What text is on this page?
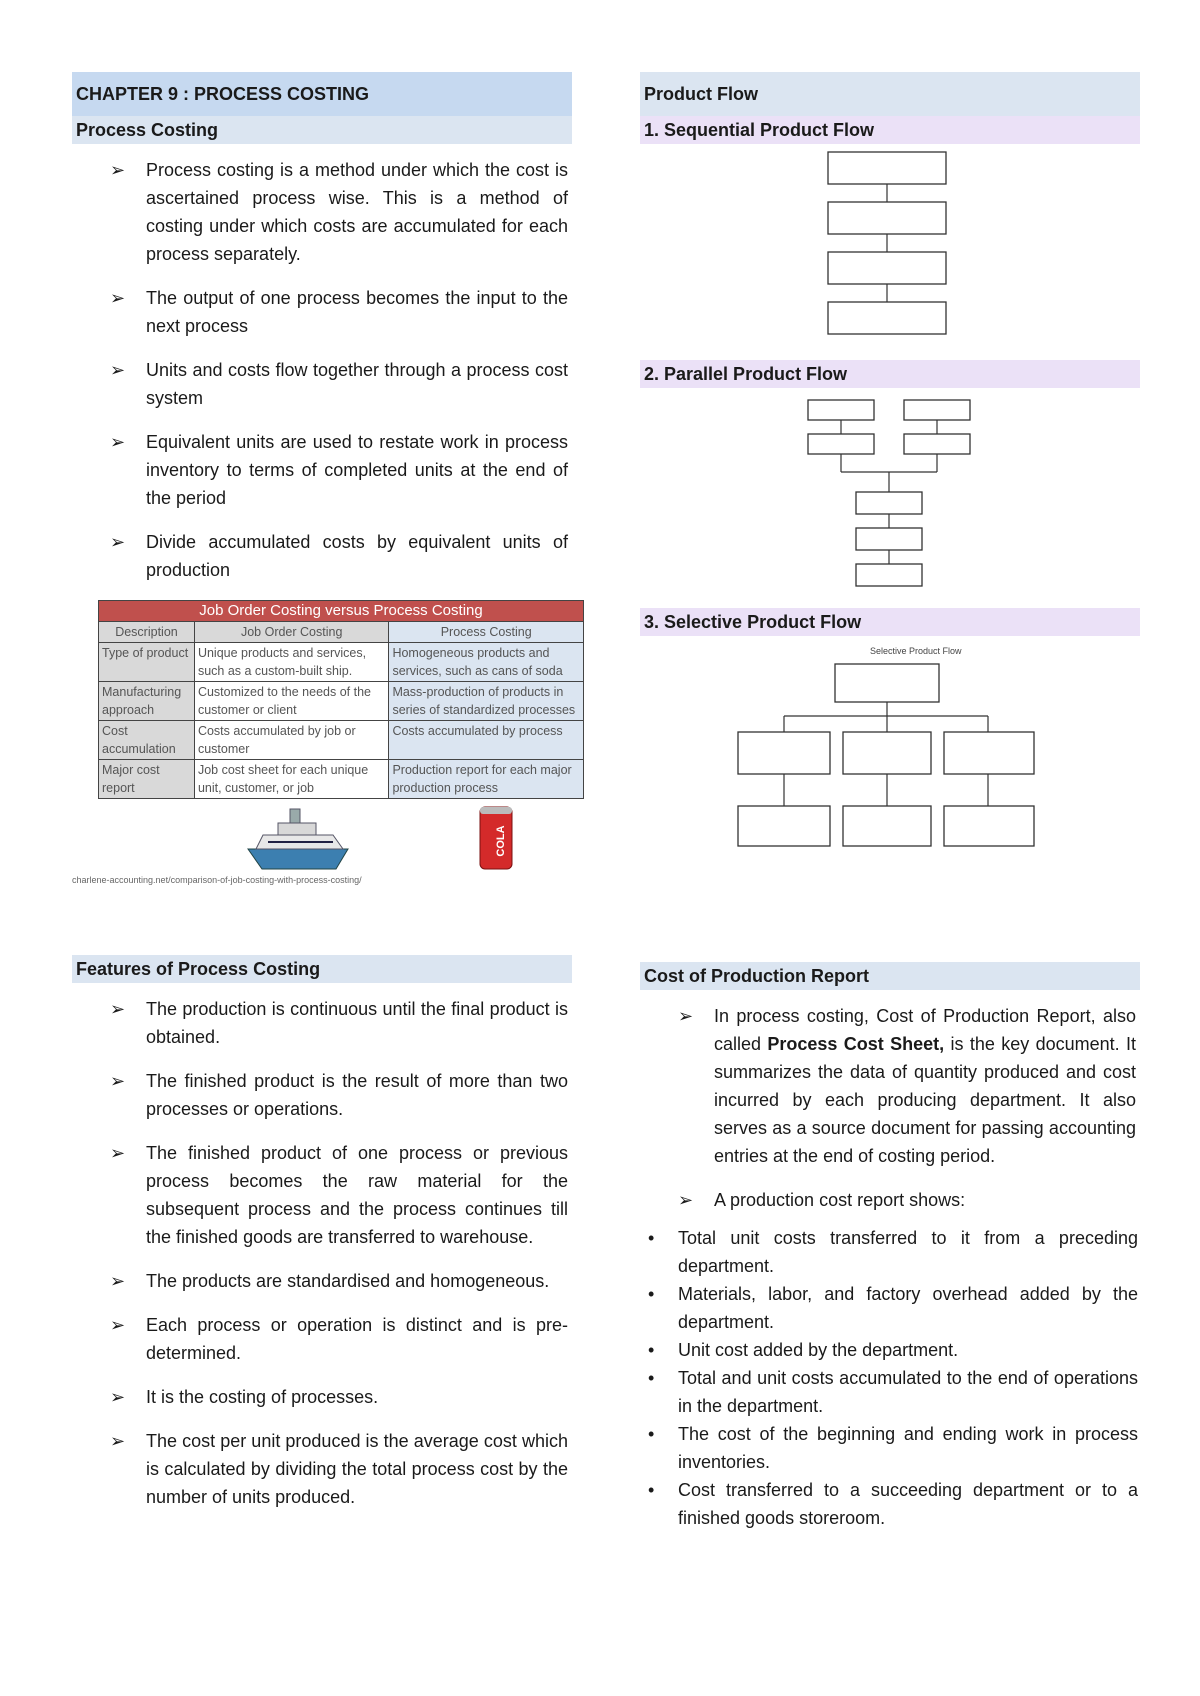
CHAPTER 9 : PROCESS COSTING
Process Costing
➢ Process costing is a method under which the cost is ascertained process wise. This is a method of costing under which costs are accumulated for each process separately.
➢ The output of one process becomes the input to the next process
➢ Units and costs flow together through a process cost system
➢ Equivalent units are used to restate work in process inventory to terms of completed units at the end of the period
➢ Divide accumulated costs by equivalent units of production
Job Order Costing versus Process Costing		
Description	Job Order Costing	Process Costing
Type of product	Unique products and services, such as a custom-built ship.	Homogeneous products and services, such as cans of soda
Manufacturing approach	Customized to the needs of the customer or client	Mass-production of products in series of standardized processes
Cost accumulation	Costs accumulated by job or customer	Costs accumulated by process
Major cost report	Job cost sheet for each unique unit, customer, or job	Production report for each major production process
COLA
charlene-accounting.net/comparison-of-job-costing-with-process-costing/
Features of Process Costing
➢ The production is continuous until the final product is obtained.
➢ The finished product is the result of more than two processes or operations.
➢ The finished product of one process or previous process becomes the raw material for the subsequent process and the process continues till the finished goods are transferred to warehouse.
➢ The products are standardised and homogeneous.
➢ Each process or operation is distinct and is pre-determined.
➢ It is the costing of processes.
➢ The cost per unit produced is the average cost which is calculated by dividing the total process cost by the number of units produced.
Product Flow
1. Sequential Product Flow
2. Parallel Product Flow
3. Selective Product Flow
Selective Product Flow
Cost of Production Report
➢ In process costing, Cost of Production Report, also called Process Cost Sheet, is the key document. It summarizes the data of quantity produced and cost incurred by each producing department. It also serves as a source document for passing accounting entries at the end of costing period.
➢ A production cost report shows:
• Total unit costs transferred to it from a preceding department.
• Materials, labor, and factory overhead added by the department.
• Unit cost added by the department.
• Total and unit costs accumulated to the end of operations in the department.
• The cost of the beginning and ending work in process inventories.
• Cost transferred to a succeeding department or to a finished goods storeroom.
